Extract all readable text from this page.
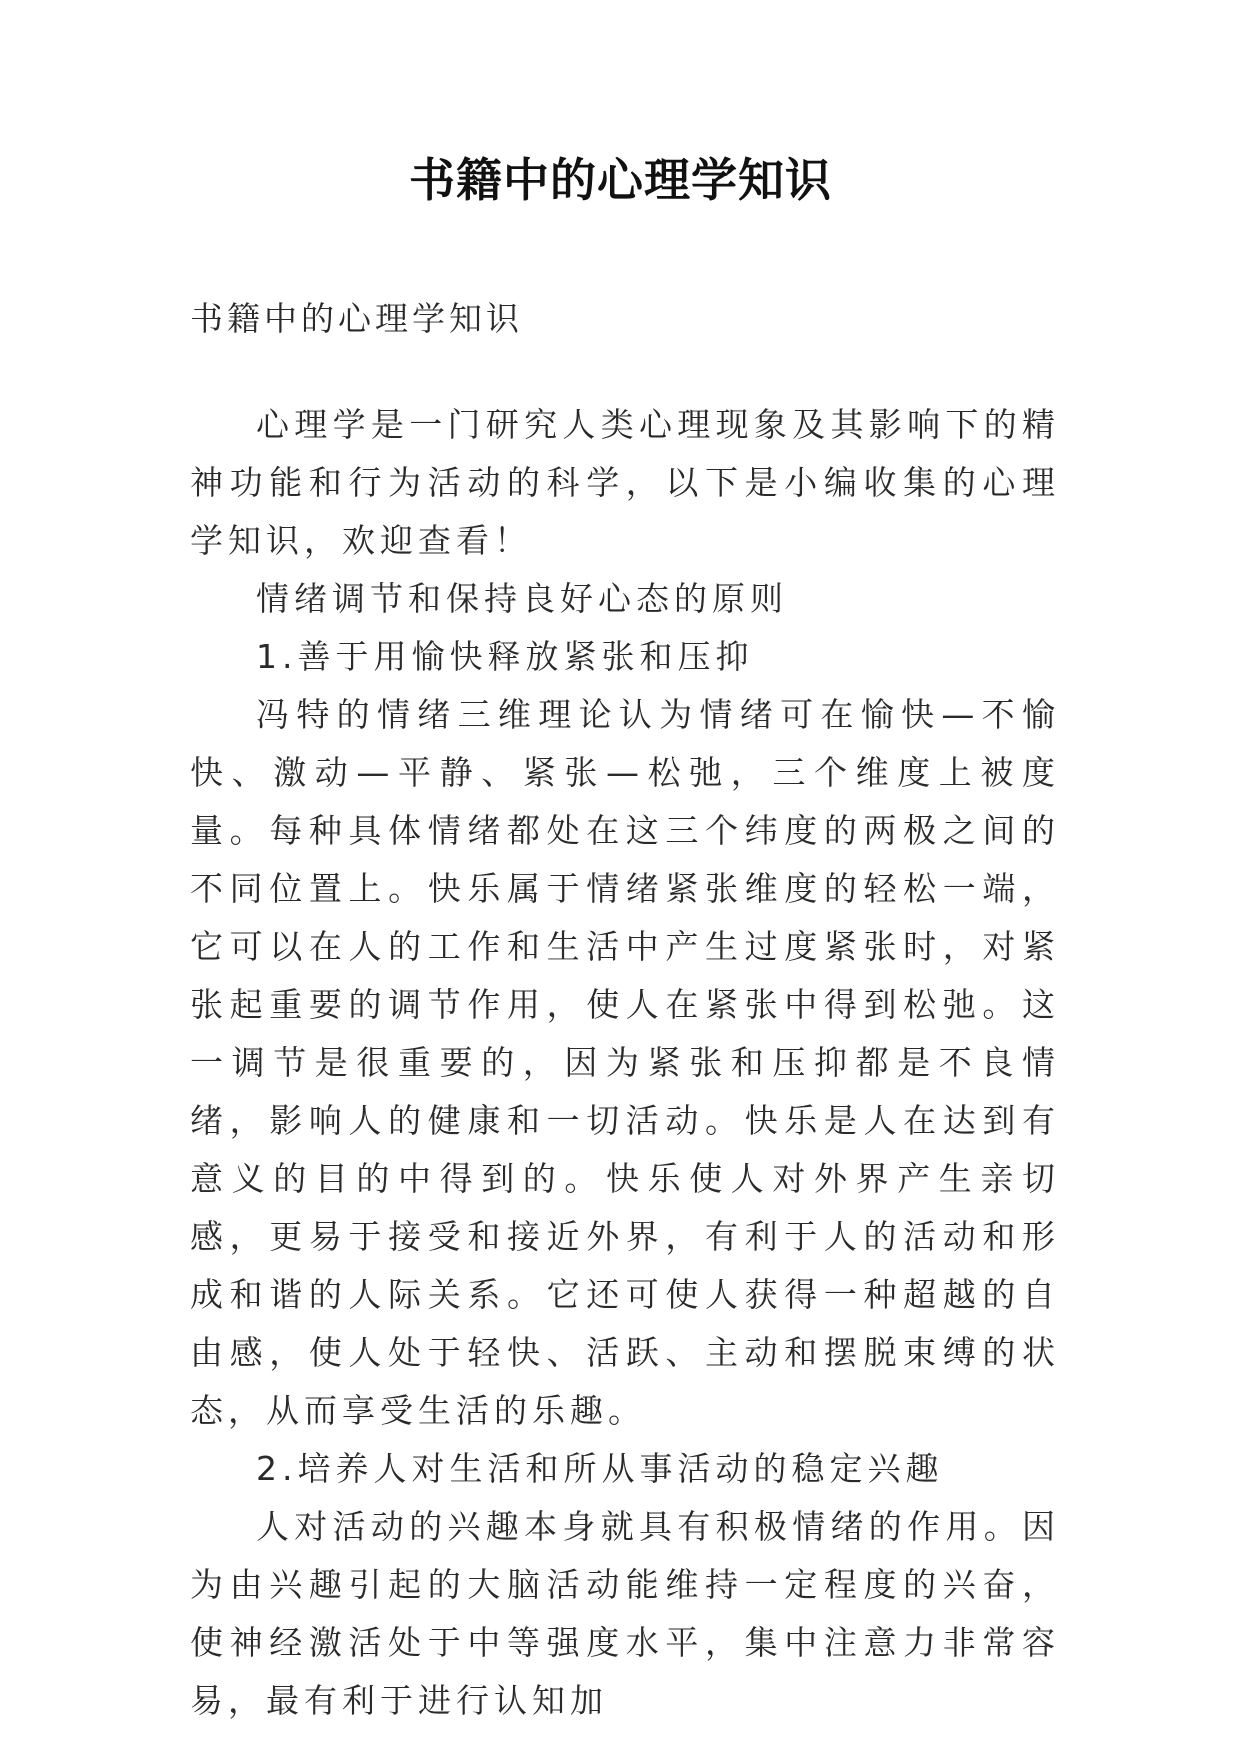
书籍中的心理学知识

书籍中的心理学知识

心理学是一门研究人类心理现象及其影响下的精神功能和行为活动的科学，以下是小编收集的心理学知识，欢迎查看！

情绪调节和保持良好心态的原则

1.善于用愉快释放紧张和压抑

冯特的情绪三维理论认为情绪可在愉快—不愉快、激动—平静、紧张—松弛，三个维度上被度量。每种具体情绪都处在这三个纬度的两极之间的不同位置上。快乐属于情绪紧张维度的轻松一端，它可以在人的工作和生活中产生过度紧张时，对紧张起重要的调节作用，使人在紧张中得到松弛。这一调节是很重要的，因为紧张和压抑都是不良情绪，影响人的健康和一切活动。快乐是人在达到有意义的目的中得到的。快乐使人对外界产生亲切感，更易于接受和接近外界，有利于人的活动和形成和谐的人际关系。它还可使人获得一种超越的自由感，使人处于轻快、活跃、主动和摆脱束缚的状态，从而享受生活的乐趣。

2.培养人对生活和所从事活动的稳定兴趣

人对活动的兴趣本身就具有积极情绪的作用。因为由兴趣引起的大脑活动能维持一定程度的兴奋，使神经激活处于中等强度水平，集中注意力非常容易，最有利于进行认知加
